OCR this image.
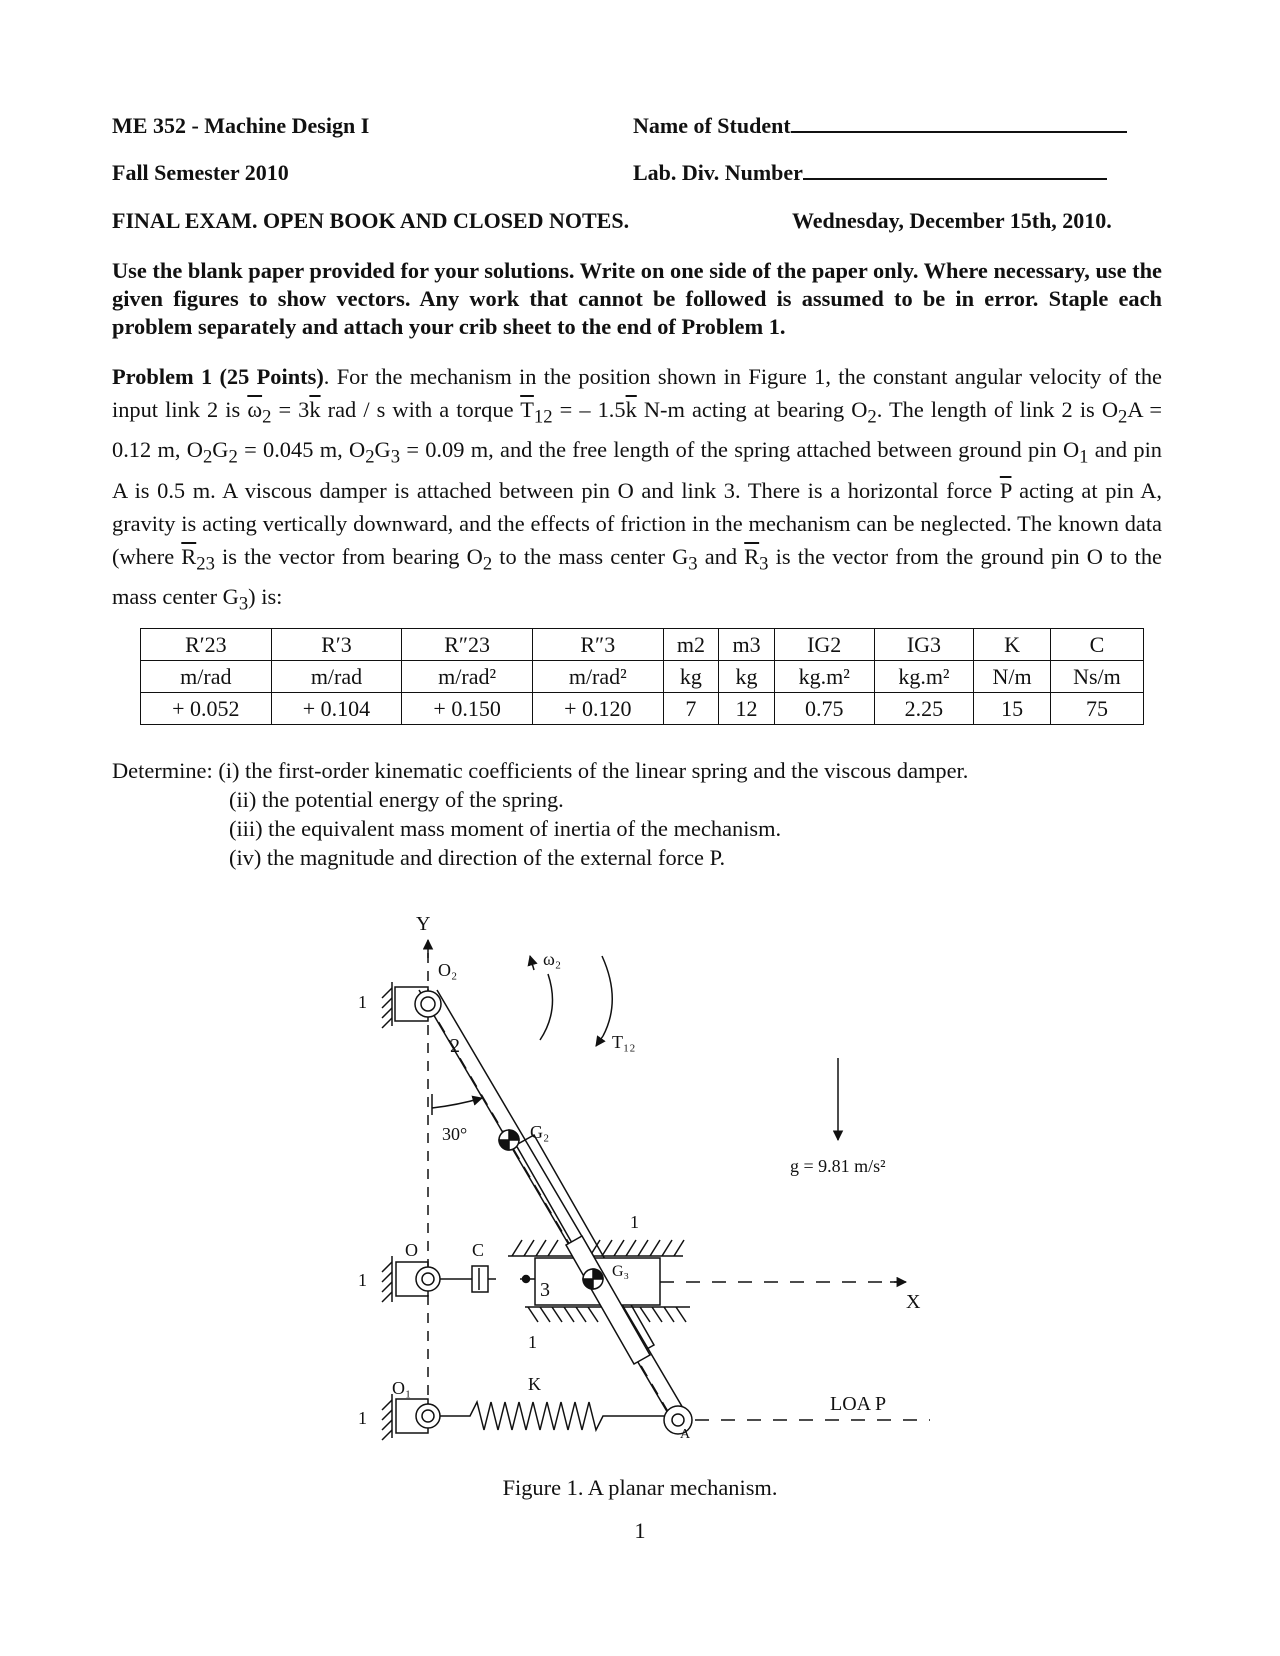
ME 352 - Machine Design I	Name of Student
Fall Semester 2010	Lab. Div. Number
FINAL EXAM. OPEN BOOK AND CLOSED NOTES.	Wednesday, December 15th, 2010.
Use the blank paper provided for your solutions. Write on one side of the paper only. Where necessary, use the given figures to show vectors. Any work that cannot be followed is assumed to be in error. Staple each problem separately and attach your crib sheet to the end of Problem 1.
Problem 1 (25 Points). For the mechanism in the position shown in Figure 1, the constant angular velocity of the input link 2 is $\overline{\omega}_2 = 3\overline{k}$ rad / s with a torque $\overline{T}_{12}$ = – $1.5\overline{k}$ N-m acting at bearing $O_2$. The length of link 2 is $O_2A = 0.12$ m, $O_2G_2 = 0.045$ m, $O_2G_3 = 0.09$ m, and the free length of the spring attached between ground pin $O_1$ and pin A is 0.5 m. A viscous damper is attached between pin O and link 3. There is a horizontal force $\overline{P}$ acting at pin A, gravity is acting vertically downward, and the effects of friction in the mechanism can be neglected. The known data (where $\overline{R}_{23}$ is the vector from bearing $O_2$ to the mass center $G_3$ and $\overline{R}_3$ is the vector from the ground pin O to the mass center $G_3$) is:
R′23	R′3	R″23	R″3	m2	m3	IG2	IG3	K	C
m/rad	m/rad	m/rad²	m/rad²	kg	kg	kg.m²	kg.m²	N/m	Ns/m
+ 0.052	+ 0.104	+ 0.150	+ 0.120	7	12	0.75	2.25	15	75
Determine: (i) the first-order kinematic coefficients of the linear spring and the viscous damper.
(ii) the potential energy of the spring.
(iii) the equivalent mass moment of inertia of the mechanism.
(iv) the magnitude and direction of the external force P.
Y
1
O₂
2
30°	G₂
ω₂
T₁₂
g = 9.81 m/s²
1
1
3
G₃
X
1
O	C
1
O₁	K
A
LOA P
Figure 1. A planar mechanism.
1
